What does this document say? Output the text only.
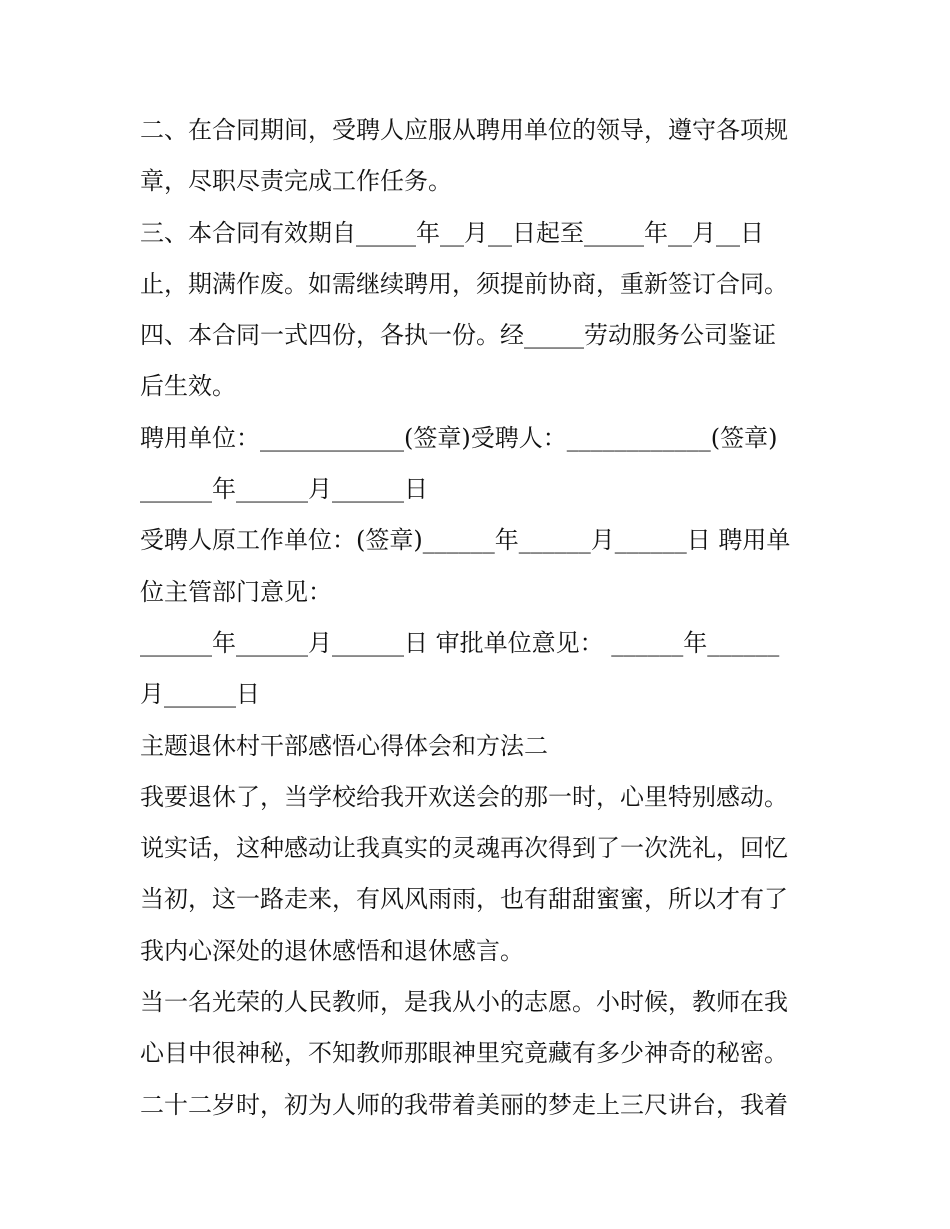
二、在合同期间，受聘人应服从聘用单位的领导，遵守各项规
章，尽职尽责完成工作任务。
三、本合同有效期自_____年__月__日起至_____年__月__日
止，期满作废。如需继续聘用，须提前协商，重新签订合同。
四、本合同一式四份，各执一份。经_____劳动服务公司鉴证
后生效。
聘用单位：____________(签章)受聘人：____________(签章)
______年______月______日
受聘人原工作单位：(签章)______年______月______日 聘用单
位主管部门意见：
______年______月______日 审批单位意见： ______年______
月______日
主题退休村干部感悟心得体会和方法二
我要退休了，当学校给我开欢送会的那一时，心里特别感动。
说实话，这种感动让我真实的灵魂再次得到了一次洗礼，回忆
当初，这一路走来，有风风雨雨，也有甜甜蜜蜜，所以才有了
我内心深处的退休感悟和退休感言。
当一名光荣的人民教师，是我从小的志愿。小时候，教师在我
心目中很神秘，不知教师那眼神里究竟藏有多少神奇的秘密。
二十二岁时，初为人师的我带着美丽的梦走上三尺讲台，我着
